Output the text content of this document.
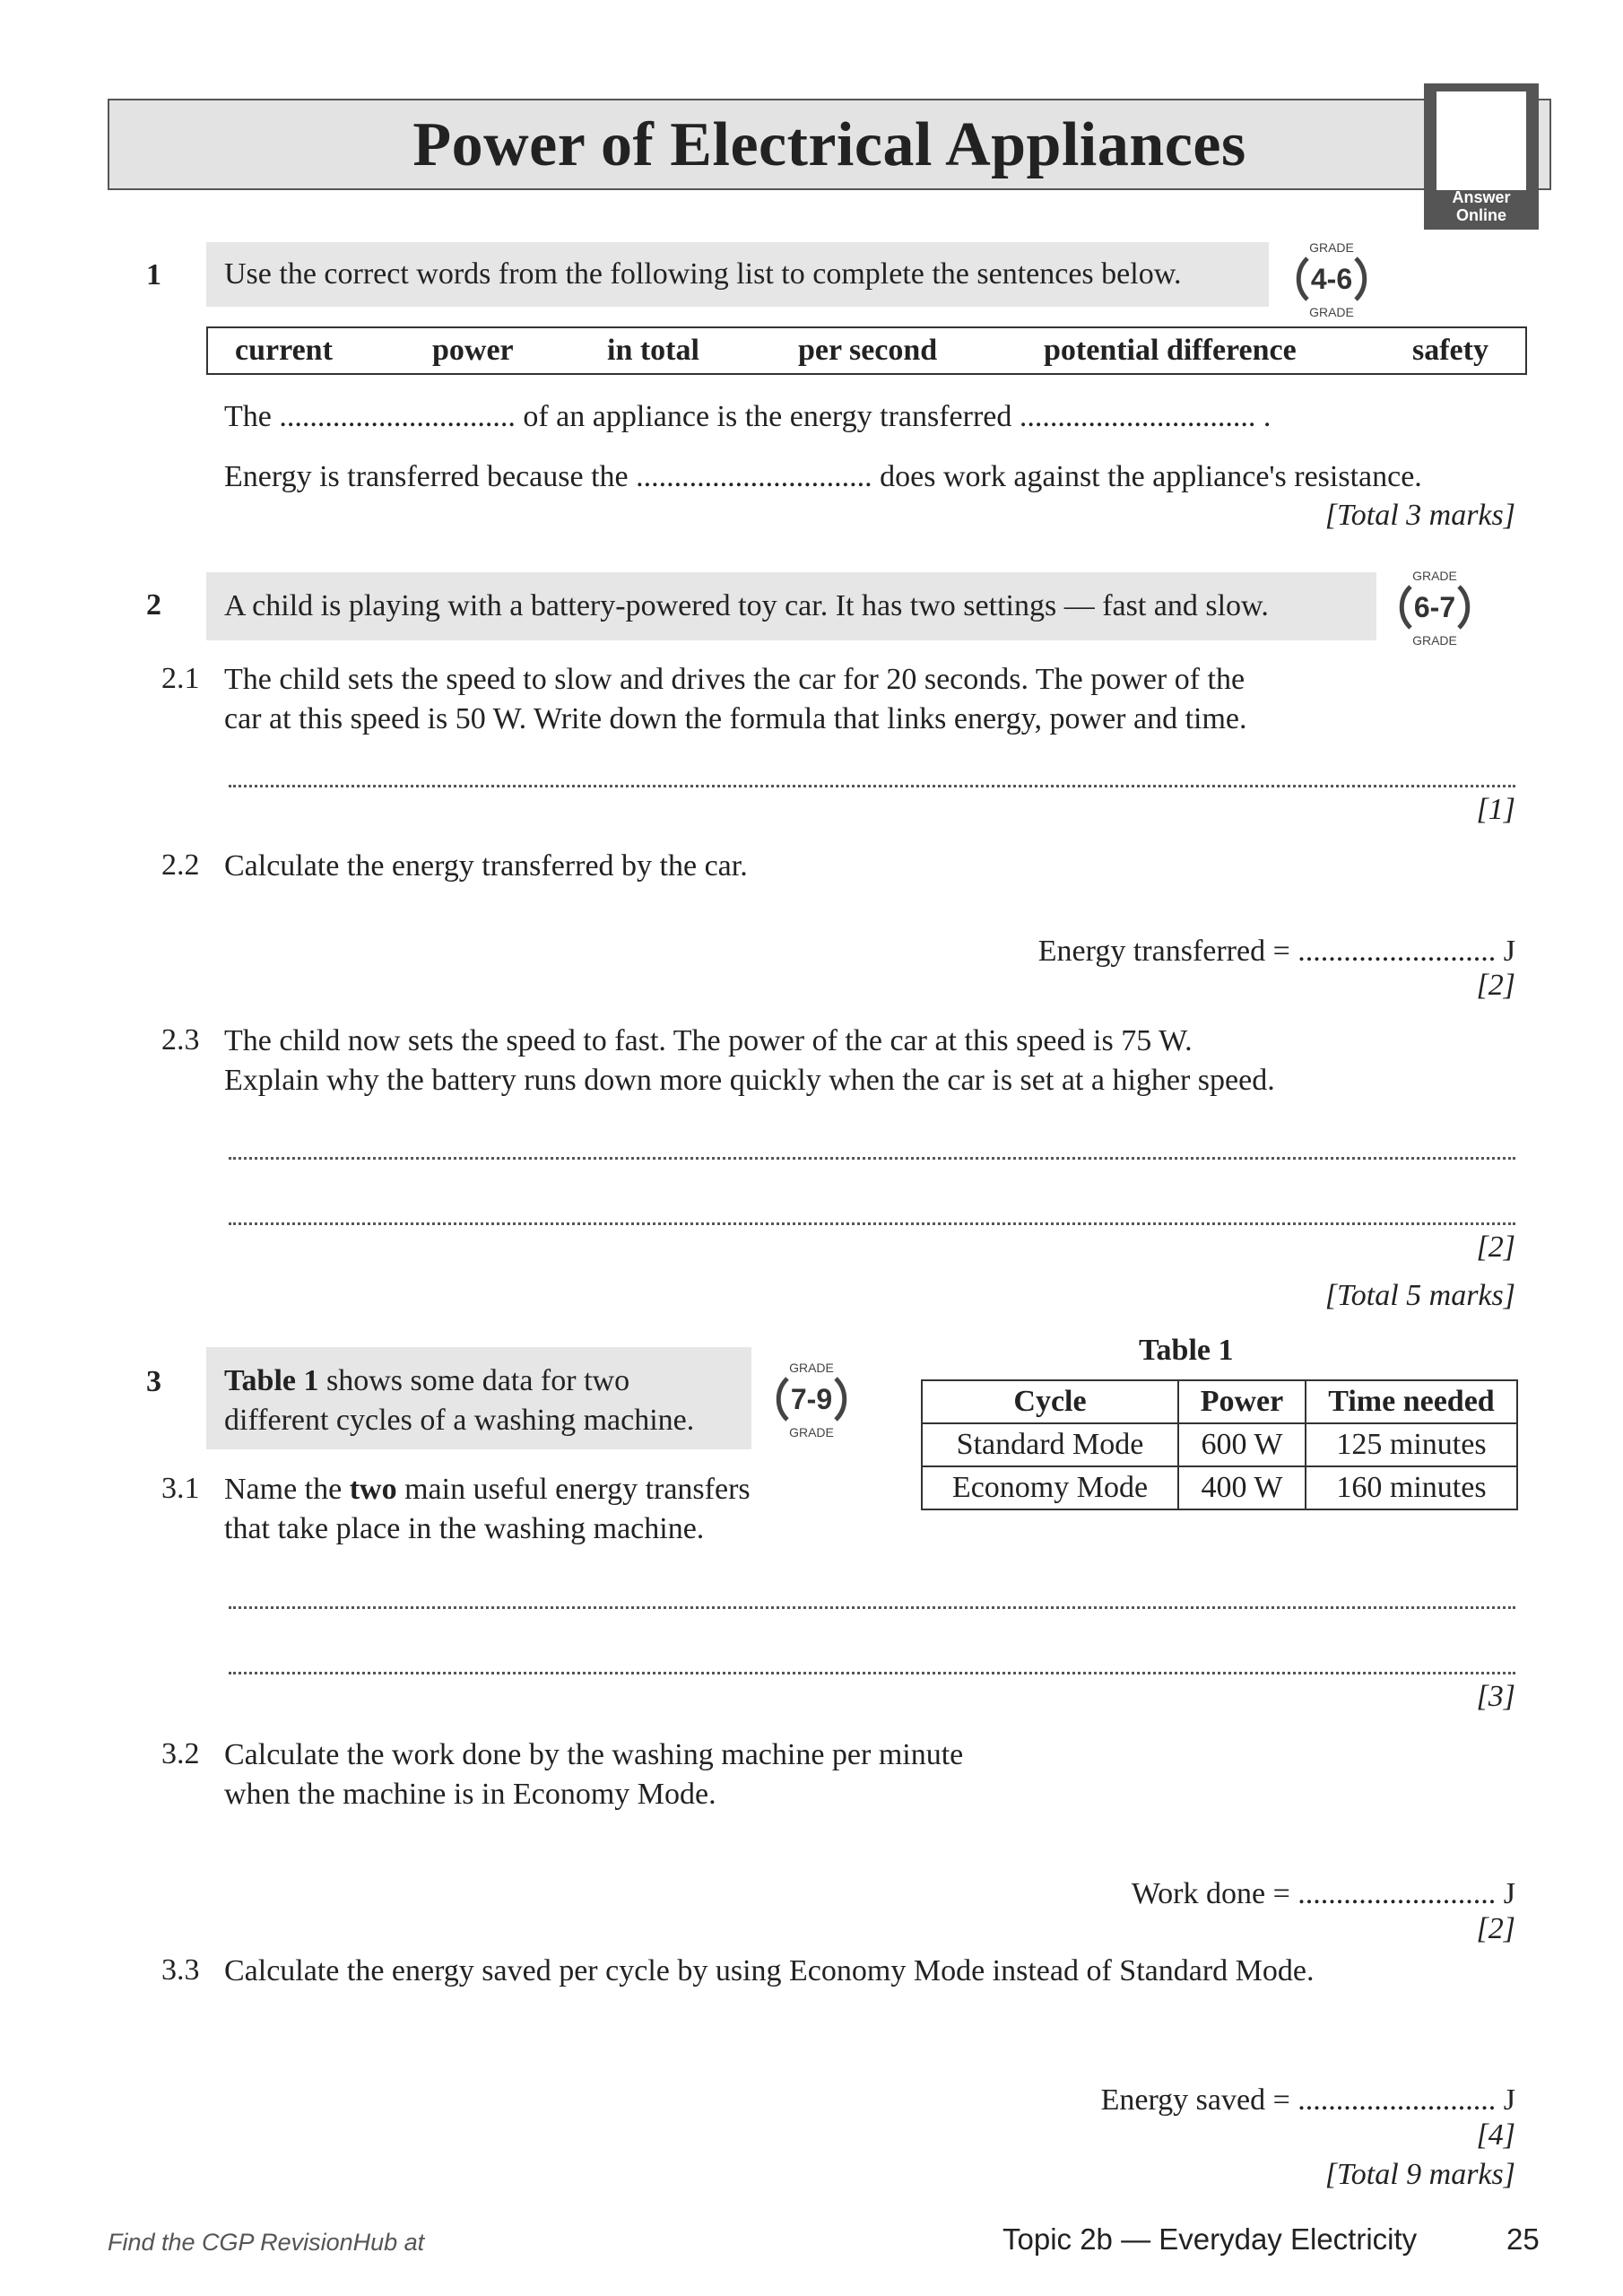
Power of Electrical Appliances
Answer
Online
1 Use the correct words from the following list to complete the sentences below.
GRADE
4-6
GRADE
current	power	in total	per second	potential difference	safety
The ............................... of an appliance is the energy transferred ............................... .
Energy is transferred because the ............................... does work against the appliance's resistance.
[Total 3 marks]
2 A child is playing with a battery-powered toy car. It has two settings — fast and slow.
GRADE
6-7
GRADE
2.1 The child sets the speed to slow and drives the car for 20 seconds. The power of the
car at this speed is 50 W. Write down the formula that links energy, power and time.
[1]
2.2 Calculate the energy transferred by the car.
Energy transferred = .......................... J
[2]
2.3 The child now sets the speed to fast. The power of the car at this speed is 75 W.
Explain why the battery runs down more quickly when the car is set at a higher speed.
[2]
[Total 5 marks]
3 Table 1 shows some data for two
different cycles of a washing machine.
GRADE
7-9
GRADE
Table 1
Cycle	Power	Time needed
Standard Mode	600 W	125 minutes
Economy Mode	400 W	160 minutes
3.1 Name the two main useful energy transfers
that take place in the washing machine.
[3]
3.2 Calculate the work done by the washing machine per minute
when the machine is in Economy Mode.
Work done = .......................... J
[2]
3.3 Calculate the energy saved per cycle by using Economy Mode instead of Standard Mode.
Energy saved = .......................... J
[4]
[Total 9 marks]
Find the CGP RevisionHub at	Topic 2b — Everyday Electricity	25
